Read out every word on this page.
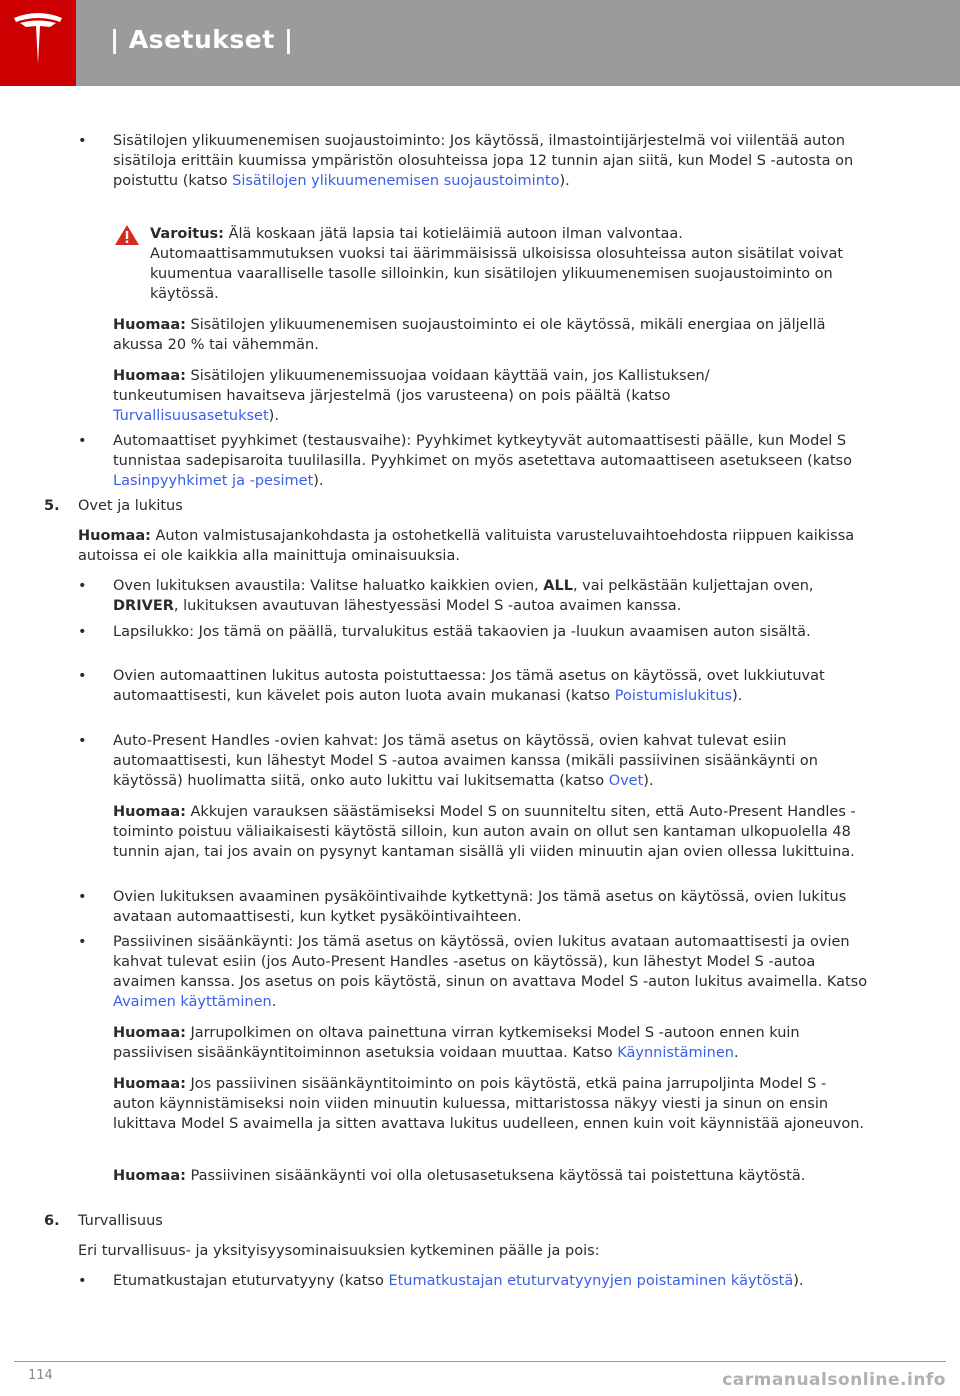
| Asetukset |
• Sisätilojen ylikuumenemisen suojaustoiminto: Jos käytössä, ilmastointijärjestelmä voi viilentää auton sisätiloja erittäin kuumissa ympäristön olosuhteissa jopa 12 tunnin ajan siitä, kun Model S -autosta on poistuttu (katso Sisätilojen ylikuumenemisen suojaustoiminto).

Varoitus: Älä koskaan jätä lapsia tai kotieläimiä autoon ilman valvontaa. Automaattisammutuksen vuoksi tai äärimmäisissä ulkoisissa olosuhteissa auton sisätilat voivat kuumentua vaaralliselle tasolle silloinkin, kun sisätilojen ylikuumenemisen suojaustoiminto on käytössä.

Huomaa: Sisätilojen ylikuumenemisen suojaustoiminto ei ole käytössä, mikäli energiaa on jäljellä akussa 20 % tai vähemmän.

Huomaa: Sisätilojen ylikuumenemissuojaa voidaan käyttää vain, jos Kallistuksen/ tunkeutumisen havaitseva järjestelmä (jos varusteena) on pois päältä (katso Turvallisuusasetukset).

• Automaattiset pyyhkimet (testausvaihe): Pyyhkimet kytkeytyvät automaattisesti päälle, kun Model S tunnistaa sadepisaroita tuulilasilla. Pyyhkimet on myös asetettava automaattiseen asetukseen (katso Lasinpyyhkimet ja -pesimet).

5. Ovet ja lukitus

Huomaa: Auton valmistusajankohdasta ja ostohetkellä valituista varusteluvaihtoehdosta riippuen kaikissa autoissa ei ole kaikkia alla mainittuja ominaisuuksia.

• Oven lukituksen avaustila: Valitse haluatko kaikkien ovien, ALL, vai pelkästään kuljettajan oven, DRIVER, lukituksen avautuvan lähestyessäsi Model S -autoa avaimen kanssa.

• Lapsilukko: Jos tämä on päällä, turvalukitus estää takaovien ja -luukun avaamisen auton sisältä.

• Ovien automaattinen lukitus autosta poistuttaessa: Jos tämä asetus on käytössä, ovet lukkiutuvat automaattisesti, kun kävelet pois auton luota avain mukanasi (katso Poistumislukitus).

• Auto-Present Handles -ovien kahvat: Jos tämä asetus on käytössä, ovien kahvat tulevat esiin automaattisesti, kun lähestyt Model S -autoa avaimen kanssa (mikäli passiivinen sisäänkäynti on käytössä) huolimatta siitä, onko auto lukittu vai lukitsematta (katso Ovet).

Huomaa: Akkujen varauksen säästämiseksi Model S on suunniteltu siten, että Auto-Present Handles -toiminto poistuu väliaikaisesti käytöstä silloin, kun auton avain on ollut sen kantaman ulkopuolella 48 tunnin ajan, tai jos avain on pysynyt kantaman sisällä yli viiden minuutin ajan ovien ollessa lukittuina.

• Ovien lukituksen avaaminen pysäköintivaihde kytkettynä: Jos tämä asetus on käytössä, ovien lukitus avataan automaattisesti, kun kytket pysäköintivaihteen.

• Passiivinen sisäänkäynti: Jos tämä asetus on käytössä, ovien lukitus avataan automaattisesti ja ovien kahvat tulevat esiin (jos Auto-Present Handles -asetus on käytössä), kun lähestyt Model S -autoa avaimen kanssa. Jos asetus on pois käytöstä, sinun on avattava Model S -auton lukitus avaimella. Katso Avaimen käyttäminen.

Huomaa: Jarrupolkimen on oltava painettuna virran kytkemiseksi Model S -autoon ennen kuin passiivisen sisäänkäyntitoiminnon asetuksia voidaan muuttaa. Katso Käynnistäminen.

Huomaa: Jos passiivinen sisäänkäyntitoiminto on pois käytöstä, etkä paina jarrupoljinta Model S -auton käynnistämiseksi noin viiden minuutin kuluessa, mittaristossa näkyy viesti ja sinun on ensin lukittava Model S avaimella ja sitten avattava lukitus uudelleen, ennen kuin voit käynnistää ajoneuvon.

Huomaa: Passiivinen sisäänkäynti voi olla oletusasetuksena käytössä tai poistettuna käytöstä.

6. Turvallisuus

Eri turvallisuus- ja yksityisyysominaisuuksien kytkeminen päälle ja pois:

• Etumatkustajan etuturvatyyny (katso Etumatkustajan etuturvatyynyjen poistaminen käytöstä).

114	carmanualsonline.info
